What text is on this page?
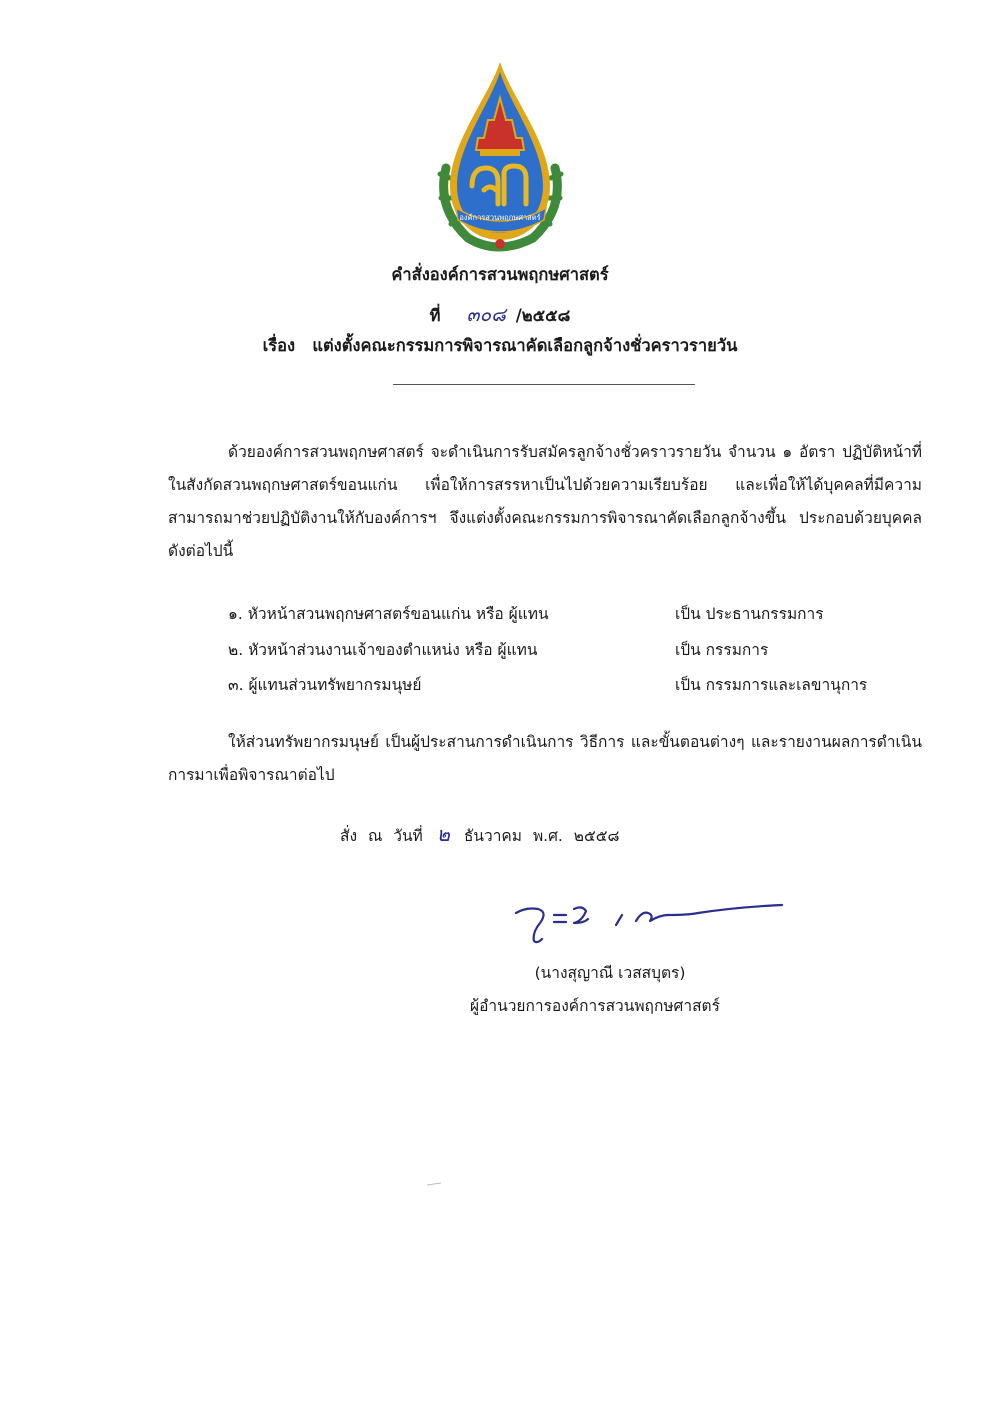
องค์การสวนพฤกษศาสตร์
คำสั่งองค์การสวนพฤกษศาสตร์
ที่ ๓๐๘ /๒๕๕๘
เรื่อง แต่งตั้งคณะกรรมการพิจารณาคัดเลือกลูกจ้างชั่วคราวรายวัน
ด้วยองค์การสวนพฤกษศาสตร์ จะดำเนินการรับสมัครลูกจ้างชั่วคราวรายวัน จำนวน ๑ อัตรา ปฏิบัติหน้าที่ในสังกัดสวนพฤกษศาสตร์ขอนแก่น เพื่อให้การสรรหาเป็นไปด้วยความเรียบร้อย และเพื่อให้ได้บุคคลที่มีความสามารถมาช่วยปฏิบัติงานให้กับองค์การฯ จึงแต่งตั้งคณะกรรมการพิจารณาคัดเลือกลูกจ้างขึ้น ประกอบด้วยบุคคลดังต่อไปนี้
๑. หัวหน้าสวนพฤกษศาสตร์ขอนแก่น หรือ ผู้แทน	เป็น ประธานกรรมการ
๒. หัวหน้าส่วนงานเจ้าของตำแหน่ง หรือ ผู้แทน	เป็น กรรมการ
๓. ผู้แทนส่วนทรัพยากรมนุษย์	เป็น กรรมการและเลขานุการ
ให้ส่วนทรัพยากรมนุษย์ เป็นผู้ประสานการดำเนินการ วิธีการ และขั้นตอนต่างๆ และรายงานผลการดำเนินการมาเพื่อพิจารณาต่อไป
สั่ง ณ วันที่ ๒ ธันวาคม พ.ศ. ๒๕๕๘
(นางสุญาณี เวสสบุตร)
ผู้อำนวยการองค์การสวนพฤกษศาสตร์
